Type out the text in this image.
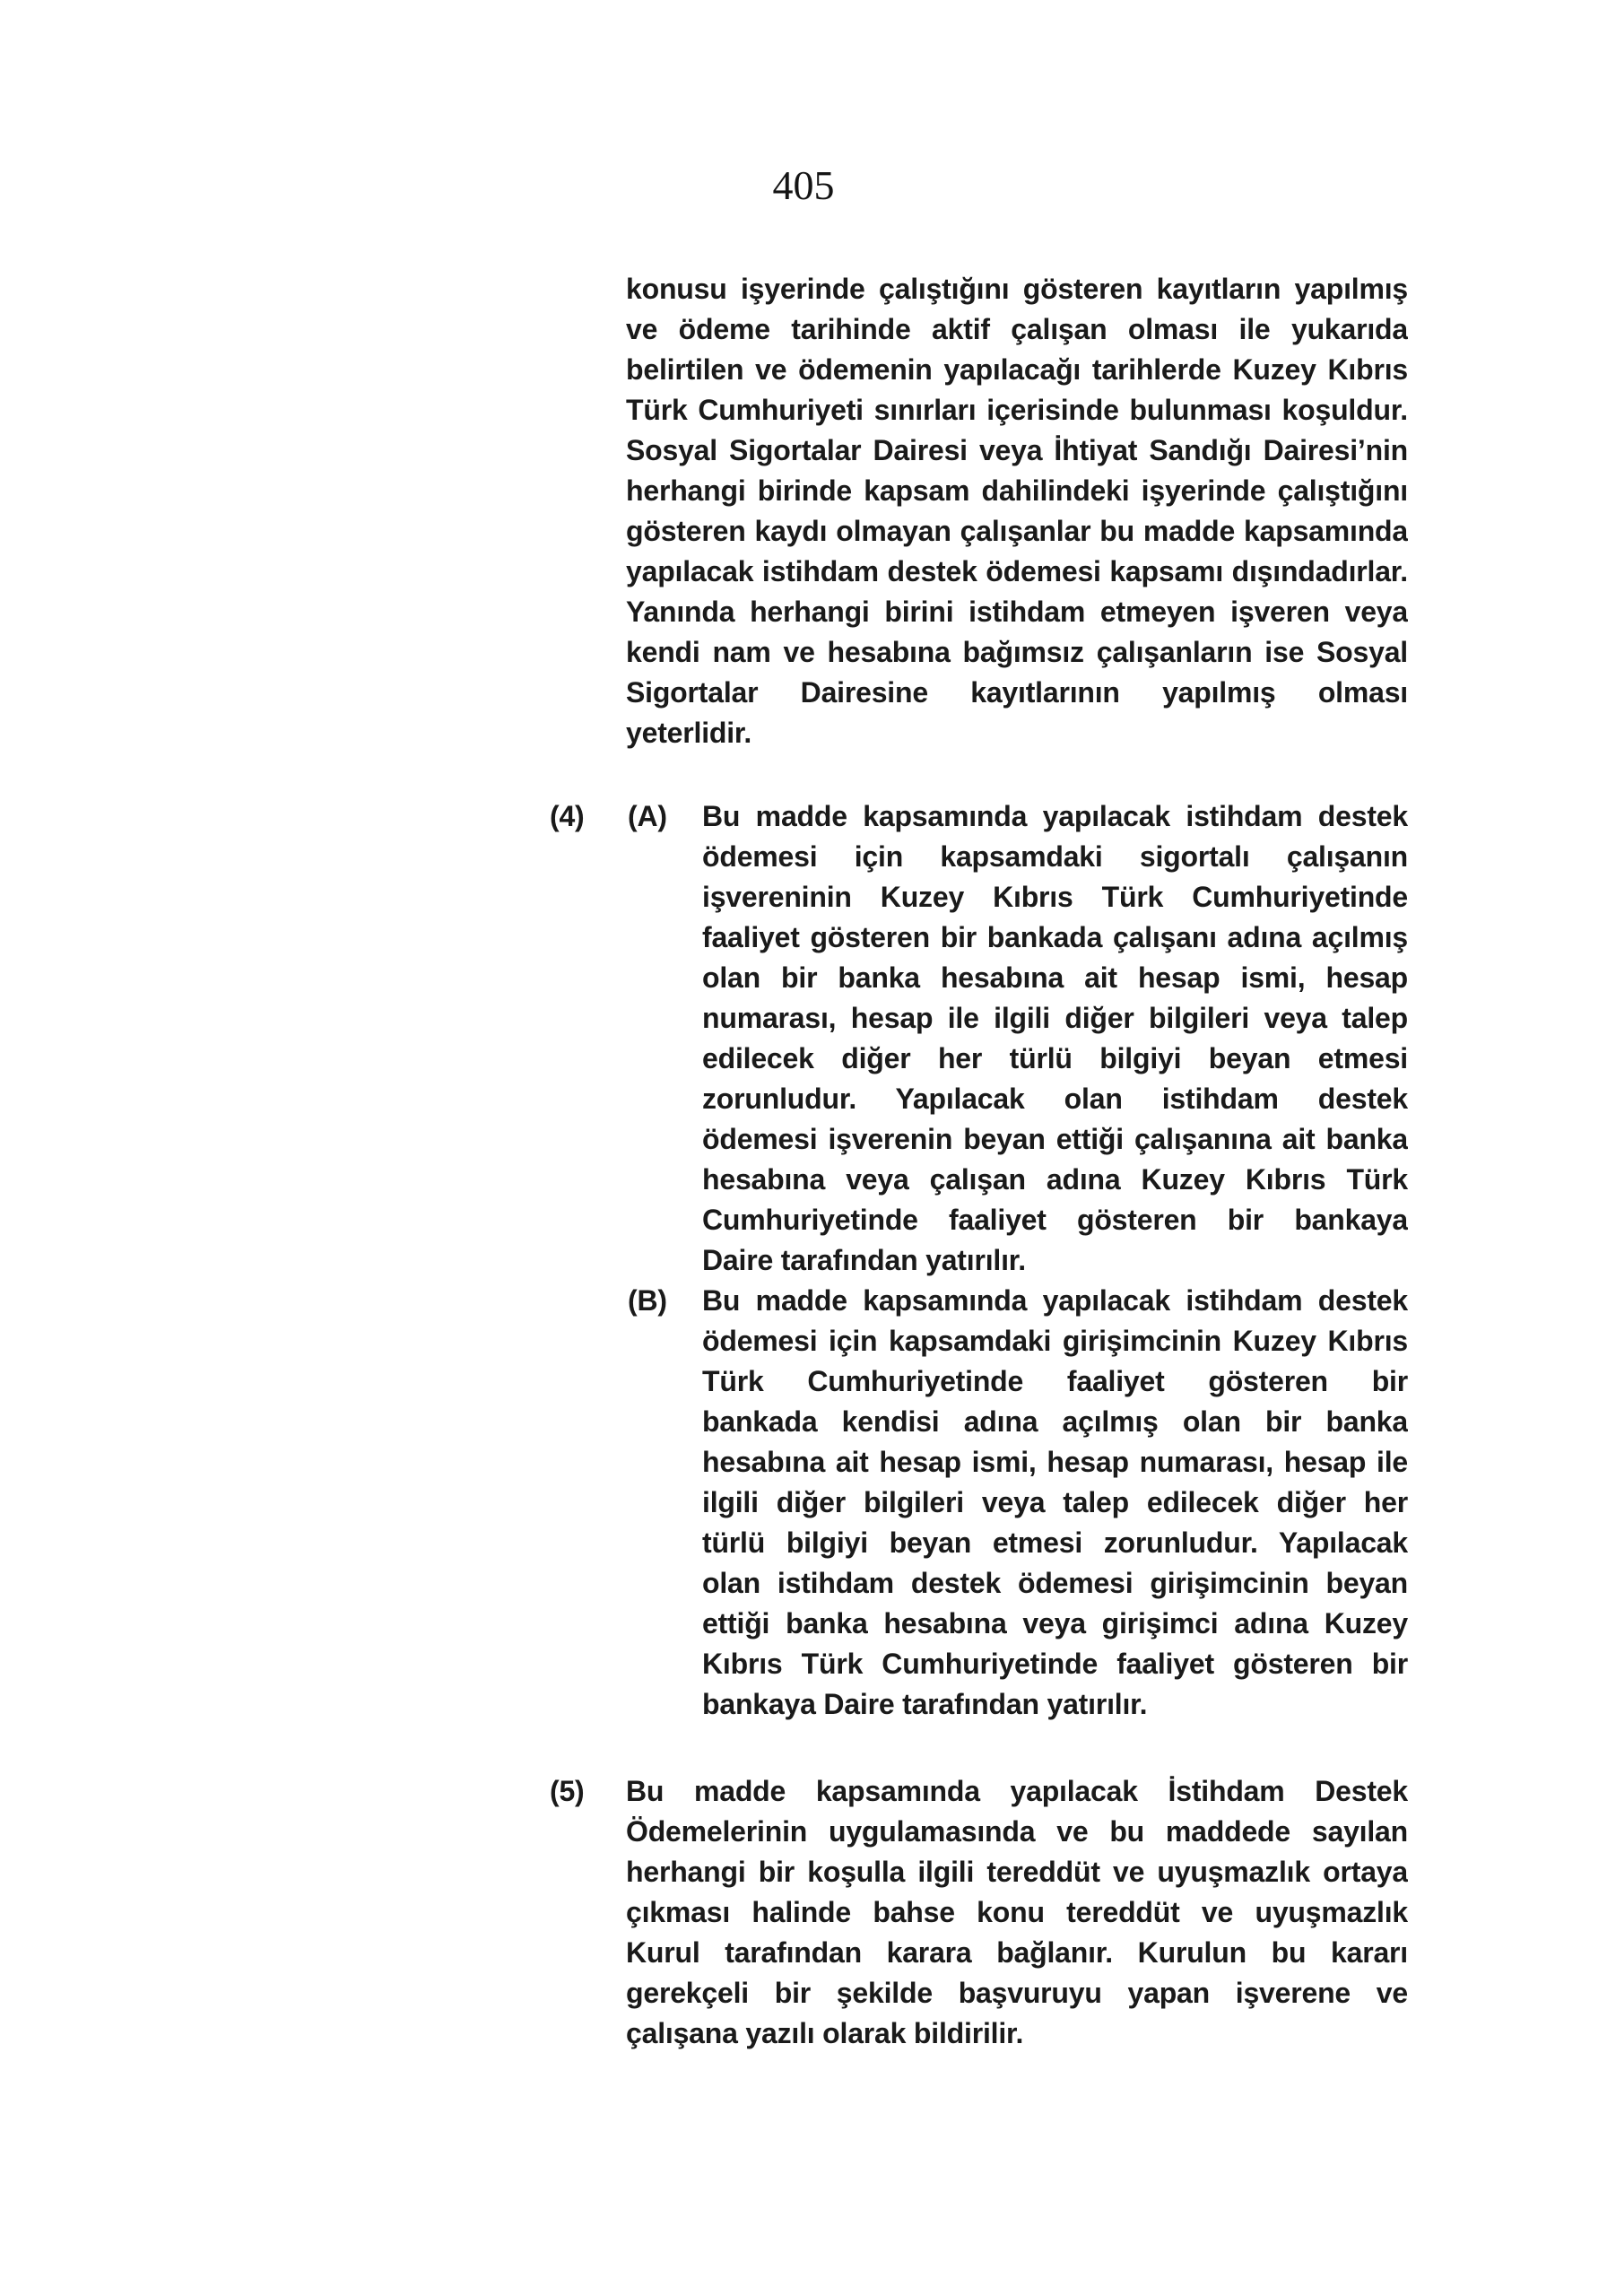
405
konusu işyerinde çalıştığını gösteren kayıtların yapılmış
ve ödeme tarihinde aktif çalışan olması ile yukarıda
belirtilen ve ödemenin yapılacağı tarihlerde Kuzey Kıbrıs
Türk Cumhuriyeti sınırları içerisinde bulunması koşuldur.
Sosyal Sigortalar Dairesi veya İhtiyat Sandığı Dairesi’nin
herhangi birinde kapsam dahilindeki işyerinde çalıştığını
gösteren kaydı olmayan çalışanlar bu madde kapsamında
yapılacak istihdam destek ödemesi kapsamı dışındadırlar.
Yanında herhangi birini istihdam etmeyen işveren veya
kendi nam ve hesabına bağımsız çalışanların ise Sosyal
Sigortalar Dairesine kayıtlarının yapılmış olması
yeterlidir.
(4) (A) Bu madde kapsamında yapılacak istihdam destek
ödemesi için kapsamdaki sigortalı çalışanın
işvereninin Kuzey Kıbrıs Türk Cumhuriyetinde
faaliyet gösteren bir bankada çalışanı adına açılmış
olan bir banka hesabına ait hesap ismi, hesap
numarası, hesap ile ilgili diğer bilgileri veya talep
edilecek diğer her türlü bilgiyi beyan etmesi
zorunludur. Yapılacak olan istihdam destek
ödemesi işverenin beyan ettiği çalışanına ait banka
hesabına veya çalışan adına Kuzey Kıbrıs Türk
Cumhuriyetinde faaliyet gösteren bir bankaya
Daire tarafından yatırılır.
(B) Bu madde kapsamında yapılacak istihdam destek
ödemesi için kapsamdaki girişimcinin Kuzey Kıbrıs
Türk Cumhuriyetinde faaliyet gösteren bir
bankada kendisi adına açılmış olan bir banka
hesabına ait hesap ismi, hesap numarası, hesap ile
ilgili diğer bilgileri veya talep edilecek diğer her
türlü bilgiyi beyan etmesi zorunludur. Yapılacak
olan istihdam destek ödemesi girişimcinin beyan
ettiği banka hesabına veya girişimci adına Kuzey
Kıbrıs Türk Cumhuriyetinde faaliyet gösteren bir
bankaya Daire tarafından yatırılır.
(5) Bu madde kapsamında yapılacak İstihdam Destek
Ödemelerinin uygulamasında ve bu maddede sayılan
herhangi bir koşulla ilgili tereddüt ve uyuşmazlık ortaya
çıkması halinde bahse konu tereddüt ve uyuşmazlık
Kurul tarafından karara bağlanır. Kurulun bu kararı
gerekçeli bir şekilde başvuruyu yapan işverene ve
çalışana yazılı olarak bildirilir.
